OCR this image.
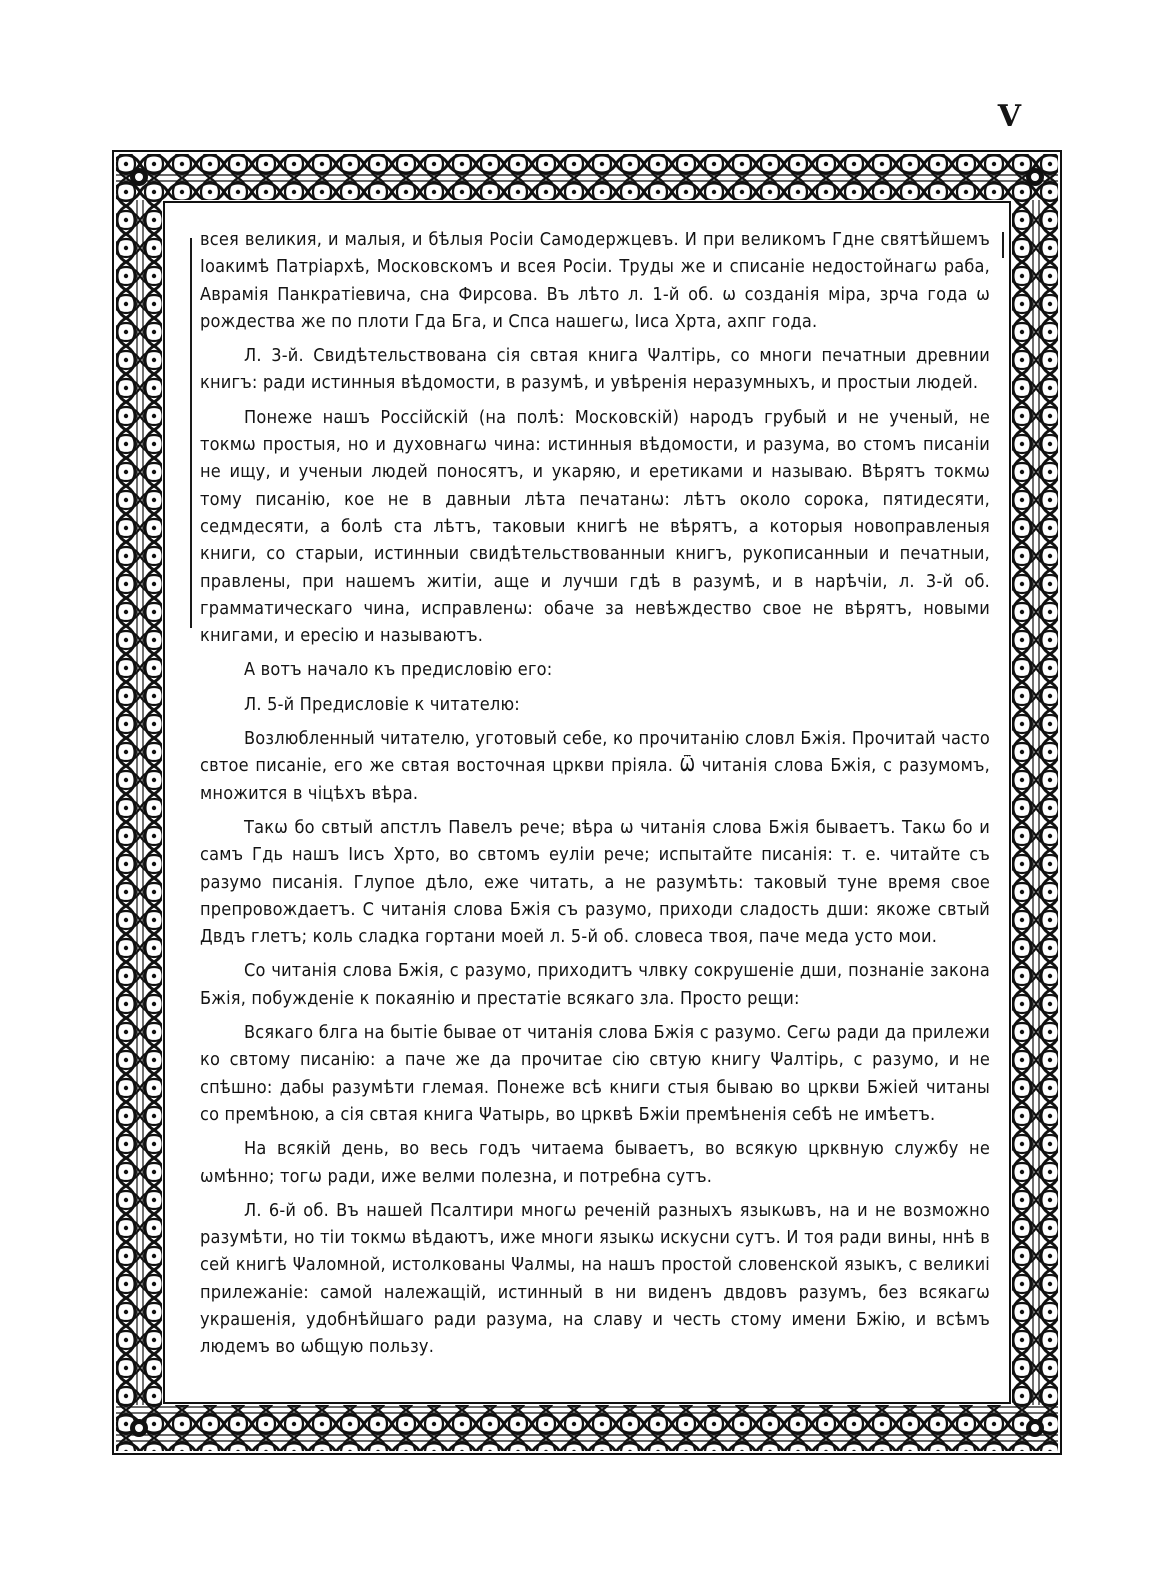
V

всея великия, и малыя, и бѣлыя Росіи Самодержцевъ. И при великомъ Гдне святѣйшемъ Іоакимѣ Патріархѣ, Московскомъ и всея Росіи. Труды же и списаніе недостойнагω раба, Аврамія Панкратіевича, сна Фирсова. Въ лѣто л. 1-й об. ω созданія міра, зрча года ω рождества же по плоти Гда Бга, и Спса нашегω, Іиса Хрта, ахпг года.

Л. 3-й. Свидѣтельствована сія свтая книга Ψалтірь, со многи печатныи древнии книгъ: ради истинныя вѣдомости, в разумѣ, и увѣренія неразумныхъ, и простыи людей.

Понеже нашъ Россійскій (на полѣ: Московскій) народъ грубый и не ученый, не токмω простыя, но и духовнагω чина: истинныя вѣдомости, и разума, во стомъ писаніи не ищу, и ученыи людей поносятъ, и укаряю, и еретиками и называю. Вѣрятъ токмω тому писанію, кое не в давныи лѣта печатанω: лѣтъ около сорока, пятидесяти, седмдесяти, а болѣ ста лѣтъ, таковыи книгѣ не вѣрятъ, а которыя новоправленыя книги, со старыи, истинныи свидѣтельствованныи книгъ, рукописанныи и печатныи, правлены, при нашемъ житіи, аще и лучши гдѣ в разумѣ, и в нарѣчіи, л. 3-й об. грамматическаго чина, исправленω: обаче за невѣждество свое не вѣрятъ, новыми книгами, и ересію и называютъ.

А вотъ начало къ предисловію его:

Л. 5-й Предисловіе к читателю:

Возлюбленный читателю, уготовый себе, ко прочитанію словл Бжія. Прочитай часто свтое писаніе, его же свтая восточная цркви пріяла. Ѿ читанія слова Бжія, с разумомъ, множится в чіцѣхъ вѣра.

Такω бо свтый апстлъ Павелъ рече; вѣра ω читанія слова Бжія бываетъ. Такω бо и самъ Гдь нашъ Іисъ Хрто, во свтомъ еуліи рече; испытайте писанія: т. е. читайте съ разумо писанія. Глупое дѣло, еже читать, а не разумѣть: таковый туне время свое препровождаетъ. С читанія слова Бжія съ разумо, приходи сладость дши: якоже свтый Двдъ глетъ; коль сладка гортани моей л. 5-й об. словеса твоя, паче меда усто мои.

Со читанія слова Бжія, с разумо, приходитъ члвку сокрушеніе дши, познаніе закона Бжія, побужденіе к покаянію и престатіе всякаго зла. Просто рещи:

Всякаго блга на бытіе бывае от читанія слова Бжія с разумо. Сегω ради да прилежи ко свтому писанію: а паче же да прочитае сію свтую книгу Ψалтірь, с разумо, и не спѣшно: дабы разумѣти глемая. Понеже всѣ книги стыя бываю во цркви Бжіей читаны со премѣною, а сія свтая книга Ψатырь, во црквѣ Бжіи премѣненія себѣ не имѣетъ.

На всякій день, во весь годъ читаема бываетъ, во всякую црквную службу не ωмѣнно; тогω ради, иже велми полезна, и потребна сутъ.

Л. 6-й об. Въ нашей Псалтири многω реченій разныхъ языкωвъ, на и не возможно разумѣти, но тіи токмω вѣдаютъ, иже многи языкω искусни сутъ. И тоя ради вины, ннѣ в сей книгѣ Ψаломной, истолкованы Ψалмы, на нашъ простой словенской языкъ, с великиі прилежаніе: самой належащій, истинный в ни виденъ двдовъ разумъ, без всякагω украшенія, удобнѣйшаго ради разума, на славу и честь стому имени Бжію, и всѣмъ людемъ во ωбщую пользу.
